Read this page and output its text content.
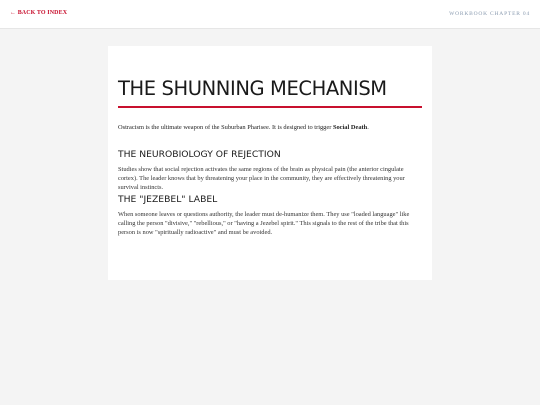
← BACK TO INDEX	WORKBOOK CHAPTER 04
THE SHUNNING MECHANISM

Ostracism is the ultimate weapon of the Suburban Pharisee. It is designed to trigger Social Death.

THE NEUROBIOLOGY OF REJECTION

Studies show that social rejection activates the same regions of the brain as physical pain (the anterior cingulate cortex). The leader knows that by threatening your place in the community, they are effectively threatening your survival instincts.

THE "JEZEBEL" LABEL

When someone leaves or questions authority, the leader must de-humanize them. They use "loaded language" like calling the person "divisive," "rebellious," or "having a Jezebel spirit." This signals to the rest of the tribe that this person is now "spiritually radioactive" and must be avoided.
